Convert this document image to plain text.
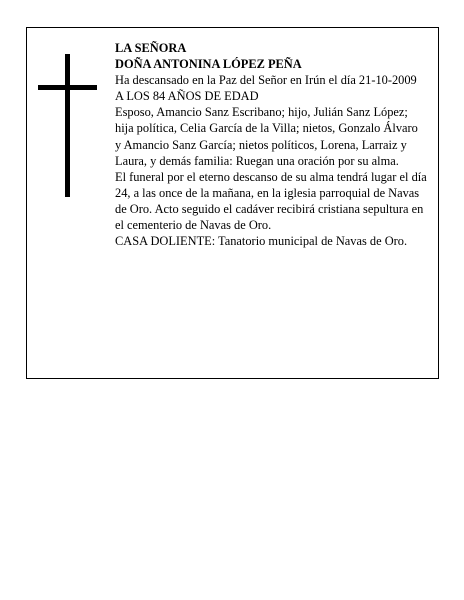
LA SEÑORA

DOÑA ANTONINA LÓPEZ PEÑA

Ha descansado en la Paz del Señor en Irún el día 21-10-2009

A LOS 84 AÑOS DE EDAD

Esposo, Amancio Sanz Escribano; hijo, Julián Sanz López; hija política, Celia García de la Villa; nietos, Gonzalo Álvaro y Amancio Sanz García; nietos políticos, Lorena, Larraiz y Laura, y demás familia: Ruegan una oración por su alma.

El funeral por el eterno descanso de su alma tendrá lugar el día 24, a las once de la mañana, en la iglesia parroquial de Navas de Oro. Acto seguido el cadáver recibirá cristiana sepultura en el cementerio de Navas de Oro.

CASA DOLIENTE: Tanatorio municipal de Navas de Oro.
